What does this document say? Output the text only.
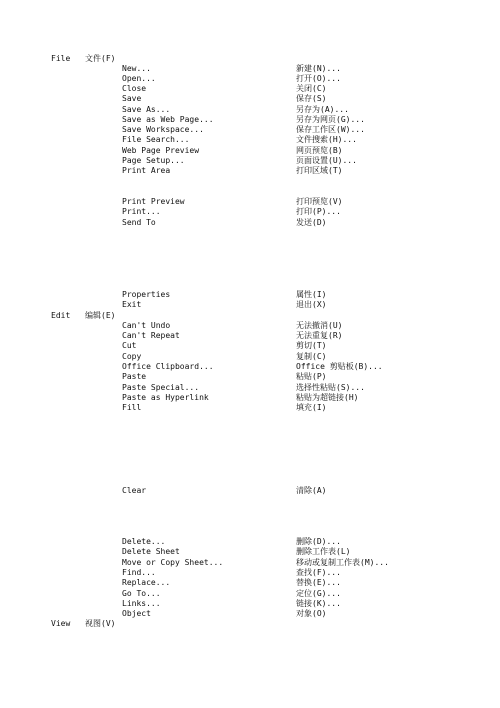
File 文件(F)
New...	新建(N)...
Open...	打开(O)...
Close	关闭(C)
Save	保存(S)
Save As...	另存为(A)...
Save as Web Page...	另存为网页(G)...
Save Workspace...	保存工作区(W)...
File Search...	文件搜索(H)...
Web Page Preview	网页预览(B)
Page Setup...	页面设置(U)...
Print Area	打印区域(T)
Print Preview	打印预览(V)
Print...	打印(P)...
Send To	发送(D)
Properties	属性(I)
Exit	退出(X)
Edit 编辑(E)
Can't Undo	无法撤消(U)
Can't Repeat	无法重复(R)
Cut	剪切(T)
Copy	复制(C)
Office Clipboard...	Office 剪贴板(B)...
Paste	粘贴(P)
Paste Special...	选择性粘贴(S)...
Paste as Hyperlink	粘贴为超链接(H)
Fill	填充(I)
Clear	清除(A)
Delete...	删除(D)...
Delete Sheet	删除工作表(L)
Move or Copy Sheet...	移动或复制工作表(M)...
Find...	查找(F)...
Replace...	替换(E)...
Go To...	定位(G)...
Links...	链接(K)...
Object	对象(O)
View 视图(V)
